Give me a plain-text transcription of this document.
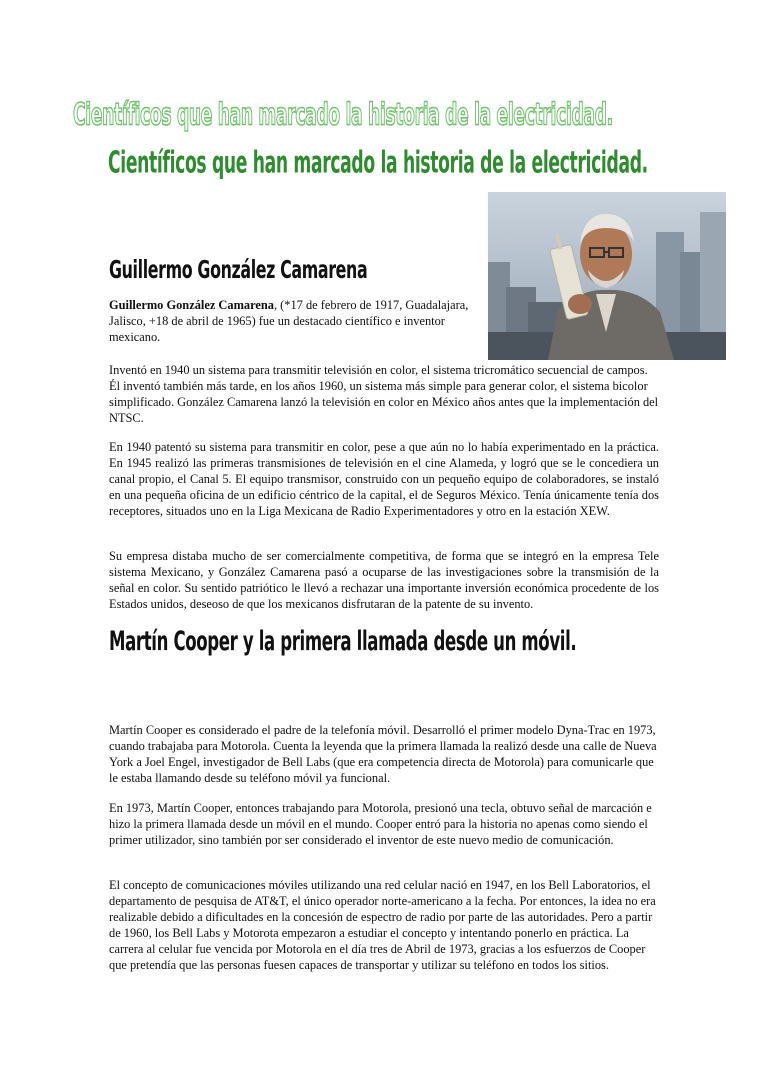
Científicos que han marcado la historia de la electricidad.
Científicos que han marcado la historia de la electricidad.
Guillermo González Camarena

Guillermo González Camarena, (*17 de febrero de 1917, Guadalajara, Jalisco, +18 de abril de 1965) fue un destacado científico e inventor mexicano.

Inventó en 1940 un sistema para transmitir televisión en color, el sistema tricromático secuencial de campos. Él inventó también más tarde, en los años 1960, un sistema más simple para generar color, el sistema bicolor simplificado. González Camarena lanzó la televisión en color en México años antes que la implementación del NTSC.

En 1940 patentó su sistema para transmitir en color, pese a que aún no lo había experimentado en la práctica. En 1945 realizó las primeras transmisiones de televisión en el cine Alameda, y logró que se le concediera un canal propio, el Canal 5. El equipo transmisor, construido con un pequeño equipo de colaboradores, se instaló en una pequeña oficina de un edificio céntrico de la capital, el de Seguros México. Tenía únicamente tenía dos receptores, situados uno en la Liga Mexicana de Radio Experimentadores y otro en la estación XEW.

Su empresa distaba mucho de ser comercialmente competitiva, de forma que se integró en la empresa Tele sistema Mexicano, y González Camarena pasó a ocuparse de las investigaciones sobre la transmisión de la señal en color. Su sentido patriótico le llevó a rechazar una importante inversión económica procedente de los Estados unidos, deseoso de que los mexicanos disfrutaran de la patente de su invento.

Martín Cooper y la primera llamada desde un móvil.

Martín Cooper es considerado el padre de la telefonía móvil. Desarrolló el primer modelo Dyna-Trac en 1973, cuando trabajaba para Motorola. Cuenta la leyenda que la primera llamada la realizó desde una calle de Nueva York a Joel Engel, investigador de Bell Labs (que era competencia directa de Motorola) para comunicarle que le estaba llamando desde su teléfono móvil ya funcional.

En 1973, Martín Cooper, entonces trabajando para Motorola, presionó una tecla, obtuvo señal de marcación e hizo la primera llamada desde un móvil en el mundo. Cooper entró para la historia no apenas como siendo el primer utilizador, sino también por ser considerado el inventor de este nuevo medio de comunicación.

El concepto de comunicaciones móviles utilizando una red celular nació en 1947, en los Bell Laboratorios, el departamento de pesquisa de AT&T, el único operador norte-americano a la fecha. Por entonces, la idea no era realizable debido a dificultades en la concesión de espectro de radio por parte de las autoridades. Pero a partir de 1960, los Bell Labs y Motorota empezaron a estudiar el concepto y intentando ponerlo en práctica. La carrera al celular fue vencida por Motorola en el día tres de Abril de 1973, gracias a los esfuerzos de Cooper que pretendía que las personas fuesen capaces de transportar y utilizar su teléfono en todos los sitios.
